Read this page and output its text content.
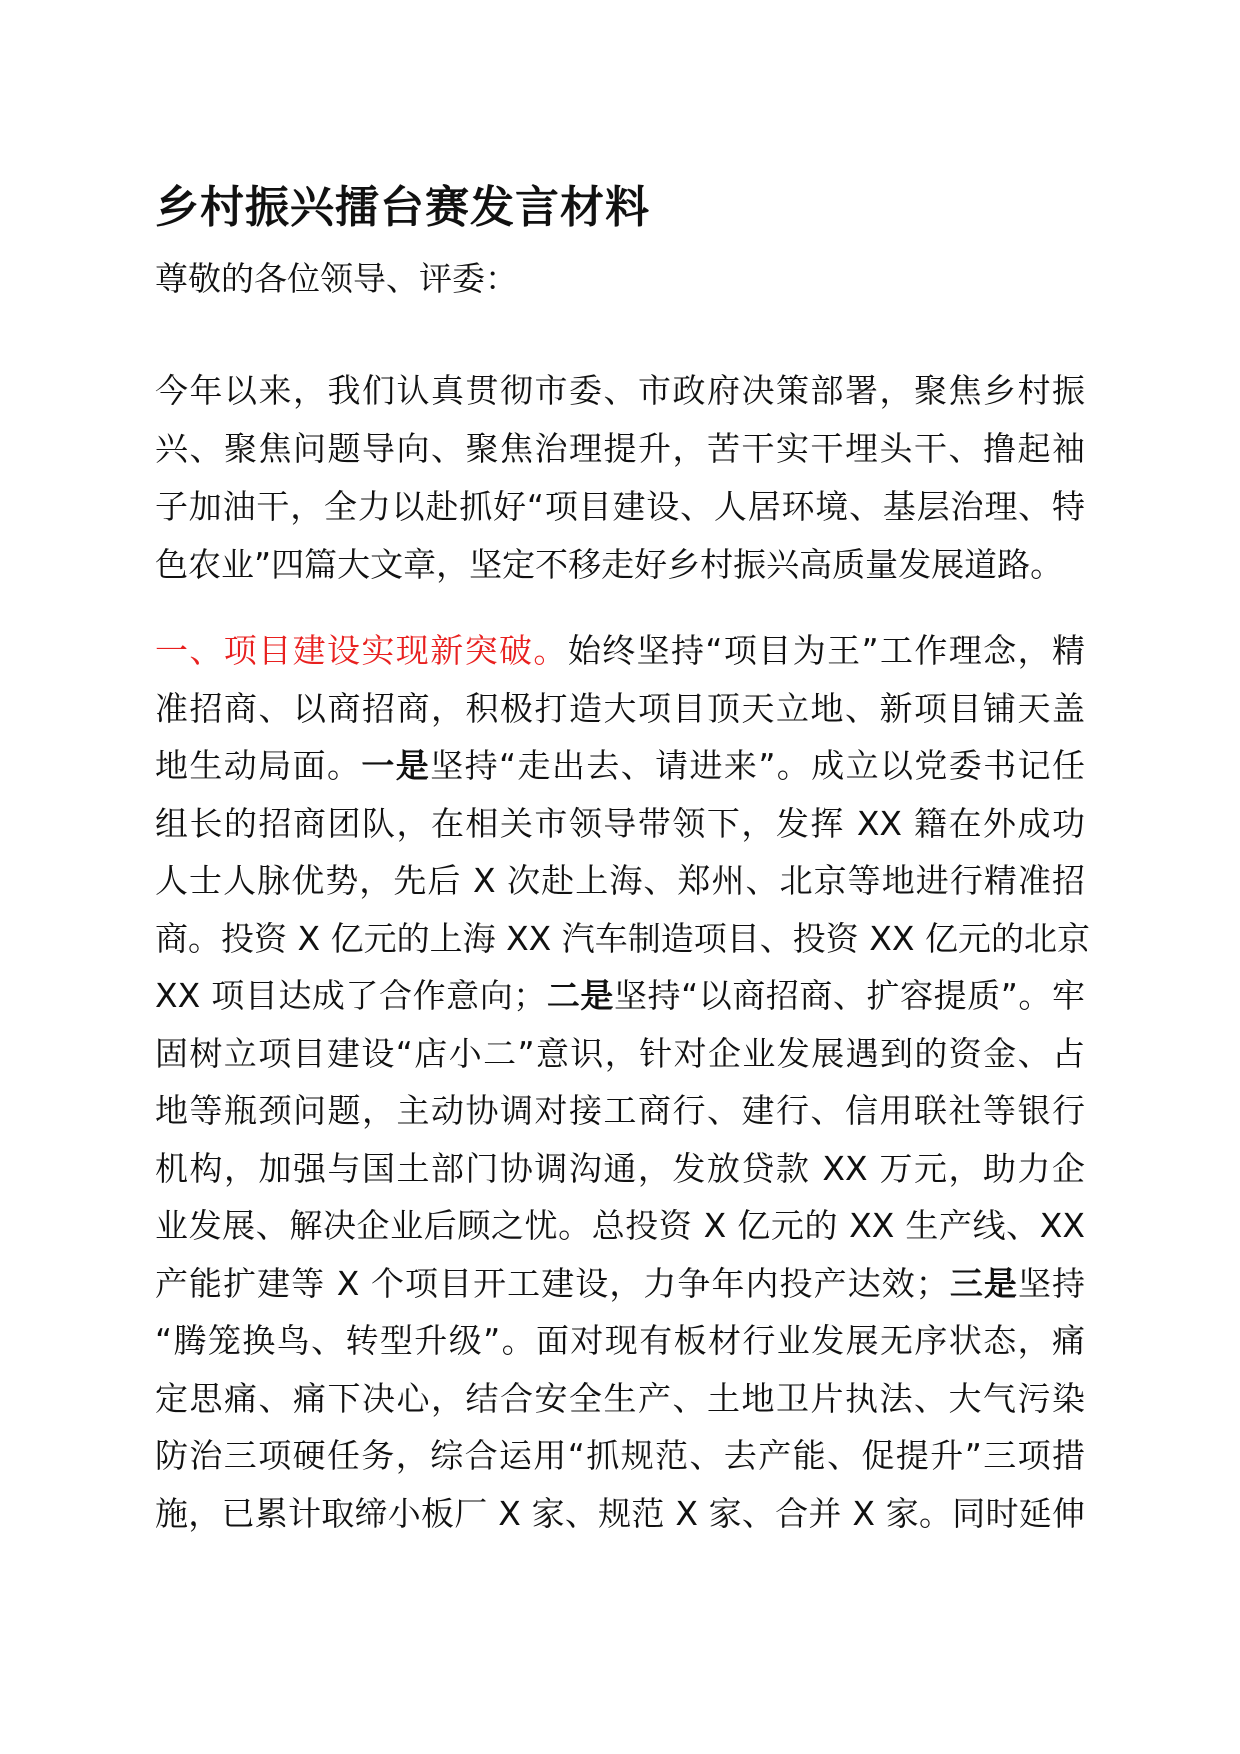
乡村振兴擂台赛发言材料

尊敬的各位领导、评委：

今年以来，我们认真贯彻市委、市政府决策部署，聚焦乡村振
兴、聚焦问题导向、聚焦治理提升，苦干实干埋头干、撸起袖
子加油干，全力以赴抓好“项目建设、人居环境、基层治理、特
色农业”四篇大文章，坚定不移走好乡村振兴高质量发展道路。

一、项目建设实现新突破。始终坚持“项目为王”工作理念，精
准招商、以商招商，积极打造大项目顶天立地、新项目铺天盖
地生动局面。一是坚持“走出去、请进来”。成立以党委书记任
组长的招商团队，在相关市领导带领下，发挥 XX 籍在外成功
人士人脉优势，先后 X 次赴上海、郑州、北京等地进行精准招
商。投资 X 亿元的上海 XX 汽车制造项目、投资 XX 亿元的北京
XX 项目达成了合作意向；二是坚持“以商招商、扩容提质”。牢
固树立项目建设“店小二”意识，针对企业发展遇到的资金、占
地等瓶颈问题，主动协调对接工商行、建行、信用联社等银行
机构，加强与国土部门协调沟通，发放贷款 XX 万元，助力企
业发展、解决企业后顾之忧。总投资 X 亿元的 XX 生产线、XX
产能扩建等 X 个项目开工建设，力争年内投产达效；三是坚持
“腾笼换鸟、转型升级”。面对现有板材行业发展无序状态，痛
定思痛、痛下决心，结合安全生产、土地卫片执法、大气污染
防治三项硬任务，综合运用“抓规范、去产能、促提升”三项措
施，已累计取缔小板厂 X 家、规范 X 家、合并 X 家。同时延伸
